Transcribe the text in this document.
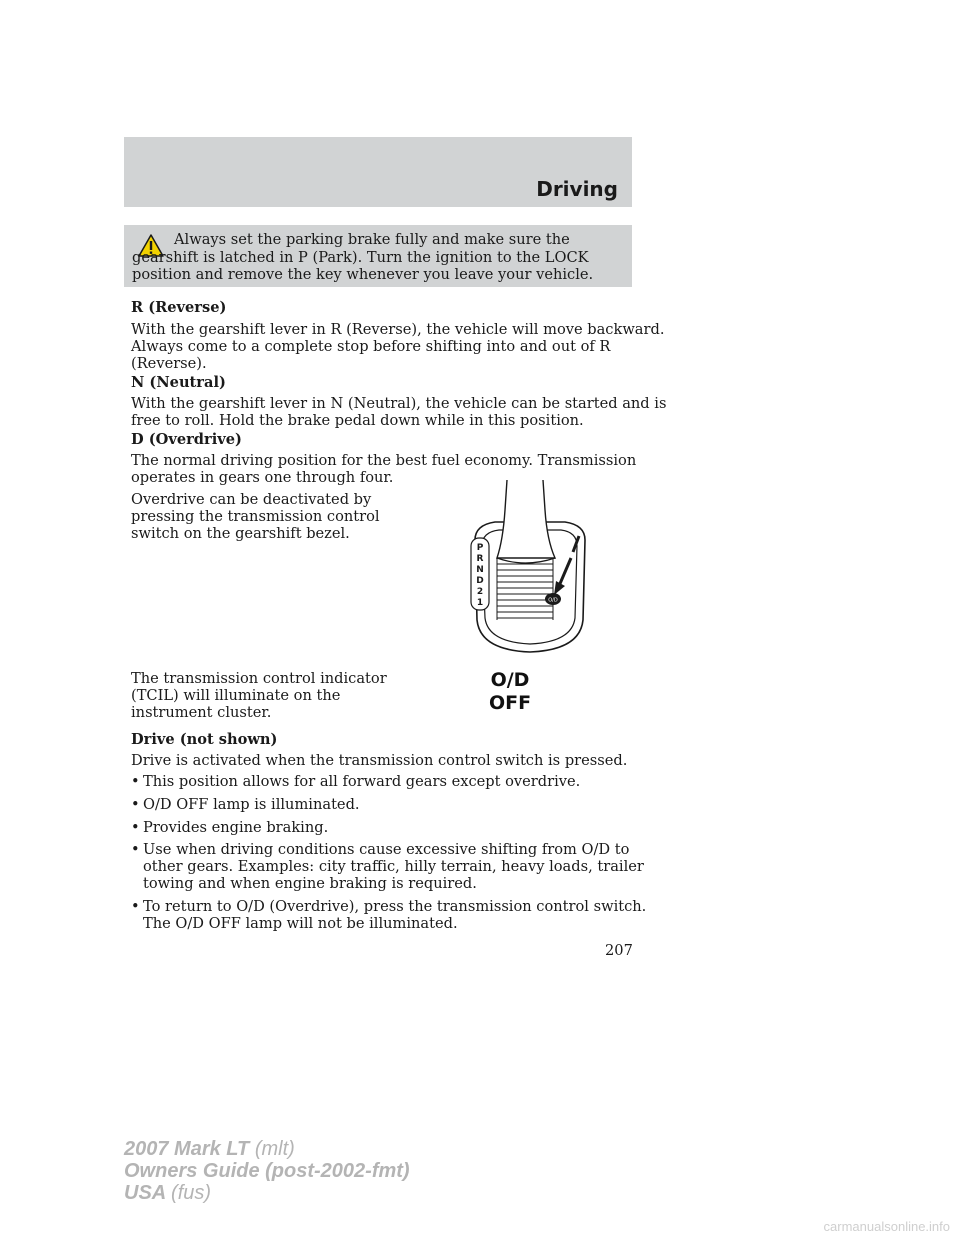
Driving

Always set the parking brake fully and make sure the gearshift is latched in P (Park). Turn the ignition to the LOCK position and remove the key whenever you leave your vehicle.

R (Reverse)
With the gearshift lever in R (Reverse), the vehicle will move backward.
Always come to a complete stop before shifting into and out of R
(Reverse).
N (Neutral)
With the gearshift lever in N (Neutral), the vehicle can be started and is
free to roll. Hold the brake pedal down while in this position.
D (Overdrive)
The normal driving position for the best fuel economy. Transmission
operates in gears one through four.
Overdrive can be deactivated by
pressing the transmission control
switch on the gearshift bezel.
P
R
N
D
2
1	O/D
The transmission control indicator
(TCIL) will illuminate on the
instrument cluster.
O/D
OFF
Drive (not shown)
Drive is activated when the transmission control switch is pressed.
• This position allows for all forward gears except overdrive.
• O/D OFF lamp is illuminated.
• Provides engine braking.
• Use when driving conditions cause excessive shifting from O/D to
other gears. Examples: city traffic, hilly terrain, heavy loads, trailer
towing and when engine braking is required.
• To return to O/D (Overdrive), press the transmission control switch.
The O/D OFF lamp will not be illuminated.
207
2007 Mark LT (mlt)
Owners Guide (post-2002-fmt)
USA (fus)
carmanualsonline.info
